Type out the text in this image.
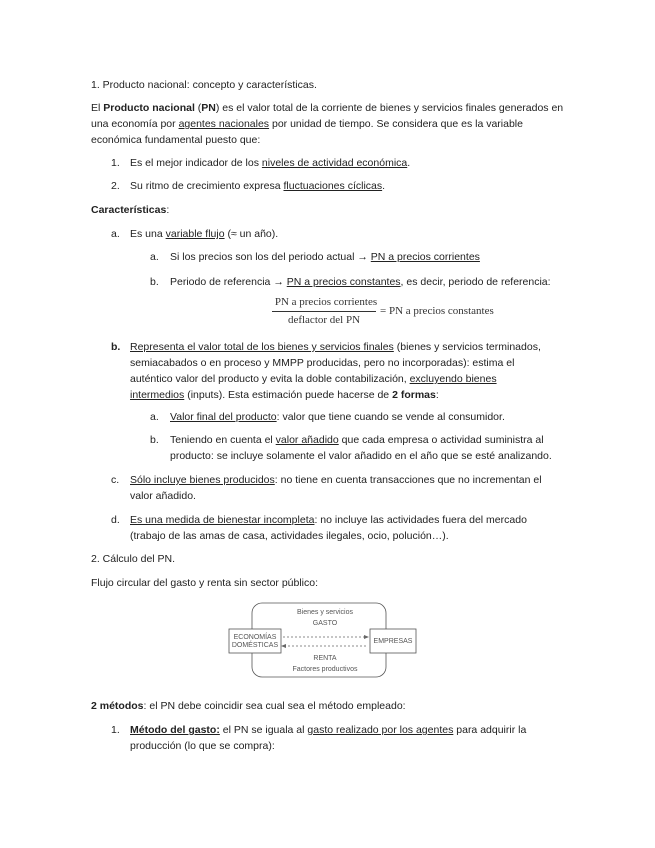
1. Producto nacional: concepto y características.
El Producto nacional (PN) es el valor total de la corriente de bienes y servicios finales generados en
una economía por agentes nacionales por unidad de tiempo. Se considera que es la variable
económica fundamental puesto que:
1. Es el mejor indicador de los niveles de actividad económica.
2. Su ritmo de crecimiento expresa fluctuaciones cíclicas.
Características:
a. Es una variable flujo (≈ un año).
a. Si los precios son los del periodo actual → PN a precios corrientes
b. Periodo de referencia → PN a precios constantes, es decir, periodo de referencia:
PN a precios corrientes
deflactor del PN
= PN a precios constantes
b. Representa el valor total de los bienes y servicios finales (bienes y servicios terminados,
semiacabados o en proceso y MMPP producidas, pero no incorporadas): estima el
auténtico valor del producto y evita la doble contabilización, excluyendo bienes
intermedios (inputs). Esta estimación puede hacerse de 2 formas:
a. Valor final del producto: valor que tiene cuando se vende al consumidor.
b. Teniendo en cuenta el valor añadido que cada empresa o actividad suministra al
producto: se incluye solamente el valor añadido en el año que se esté analizando.
c. Sólo incluye bienes producidos: no tiene en cuenta transacciones que no incrementan el
valor añadido.
d. Es una medida de bienestar incompleta: no incluye las actividades fuera del mercado
(trabajo de las amas de casa, actividades ilegales, ocio, polución…).
2. Cálculo del PN.
Flujo circular del gasto y renta sin sector público:
ECONOMÍAS
DOMÉSTICAS
EMPRESAS
Bienes y servicios
GASTO
RENTA
Factores productivos
2 métodos: el PN debe coincidir sea cual sea el método empleado:
1. Método del gasto: el PN se iguala al gasto realizado por los agentes para adquirir la
producción (lo que se compra):
